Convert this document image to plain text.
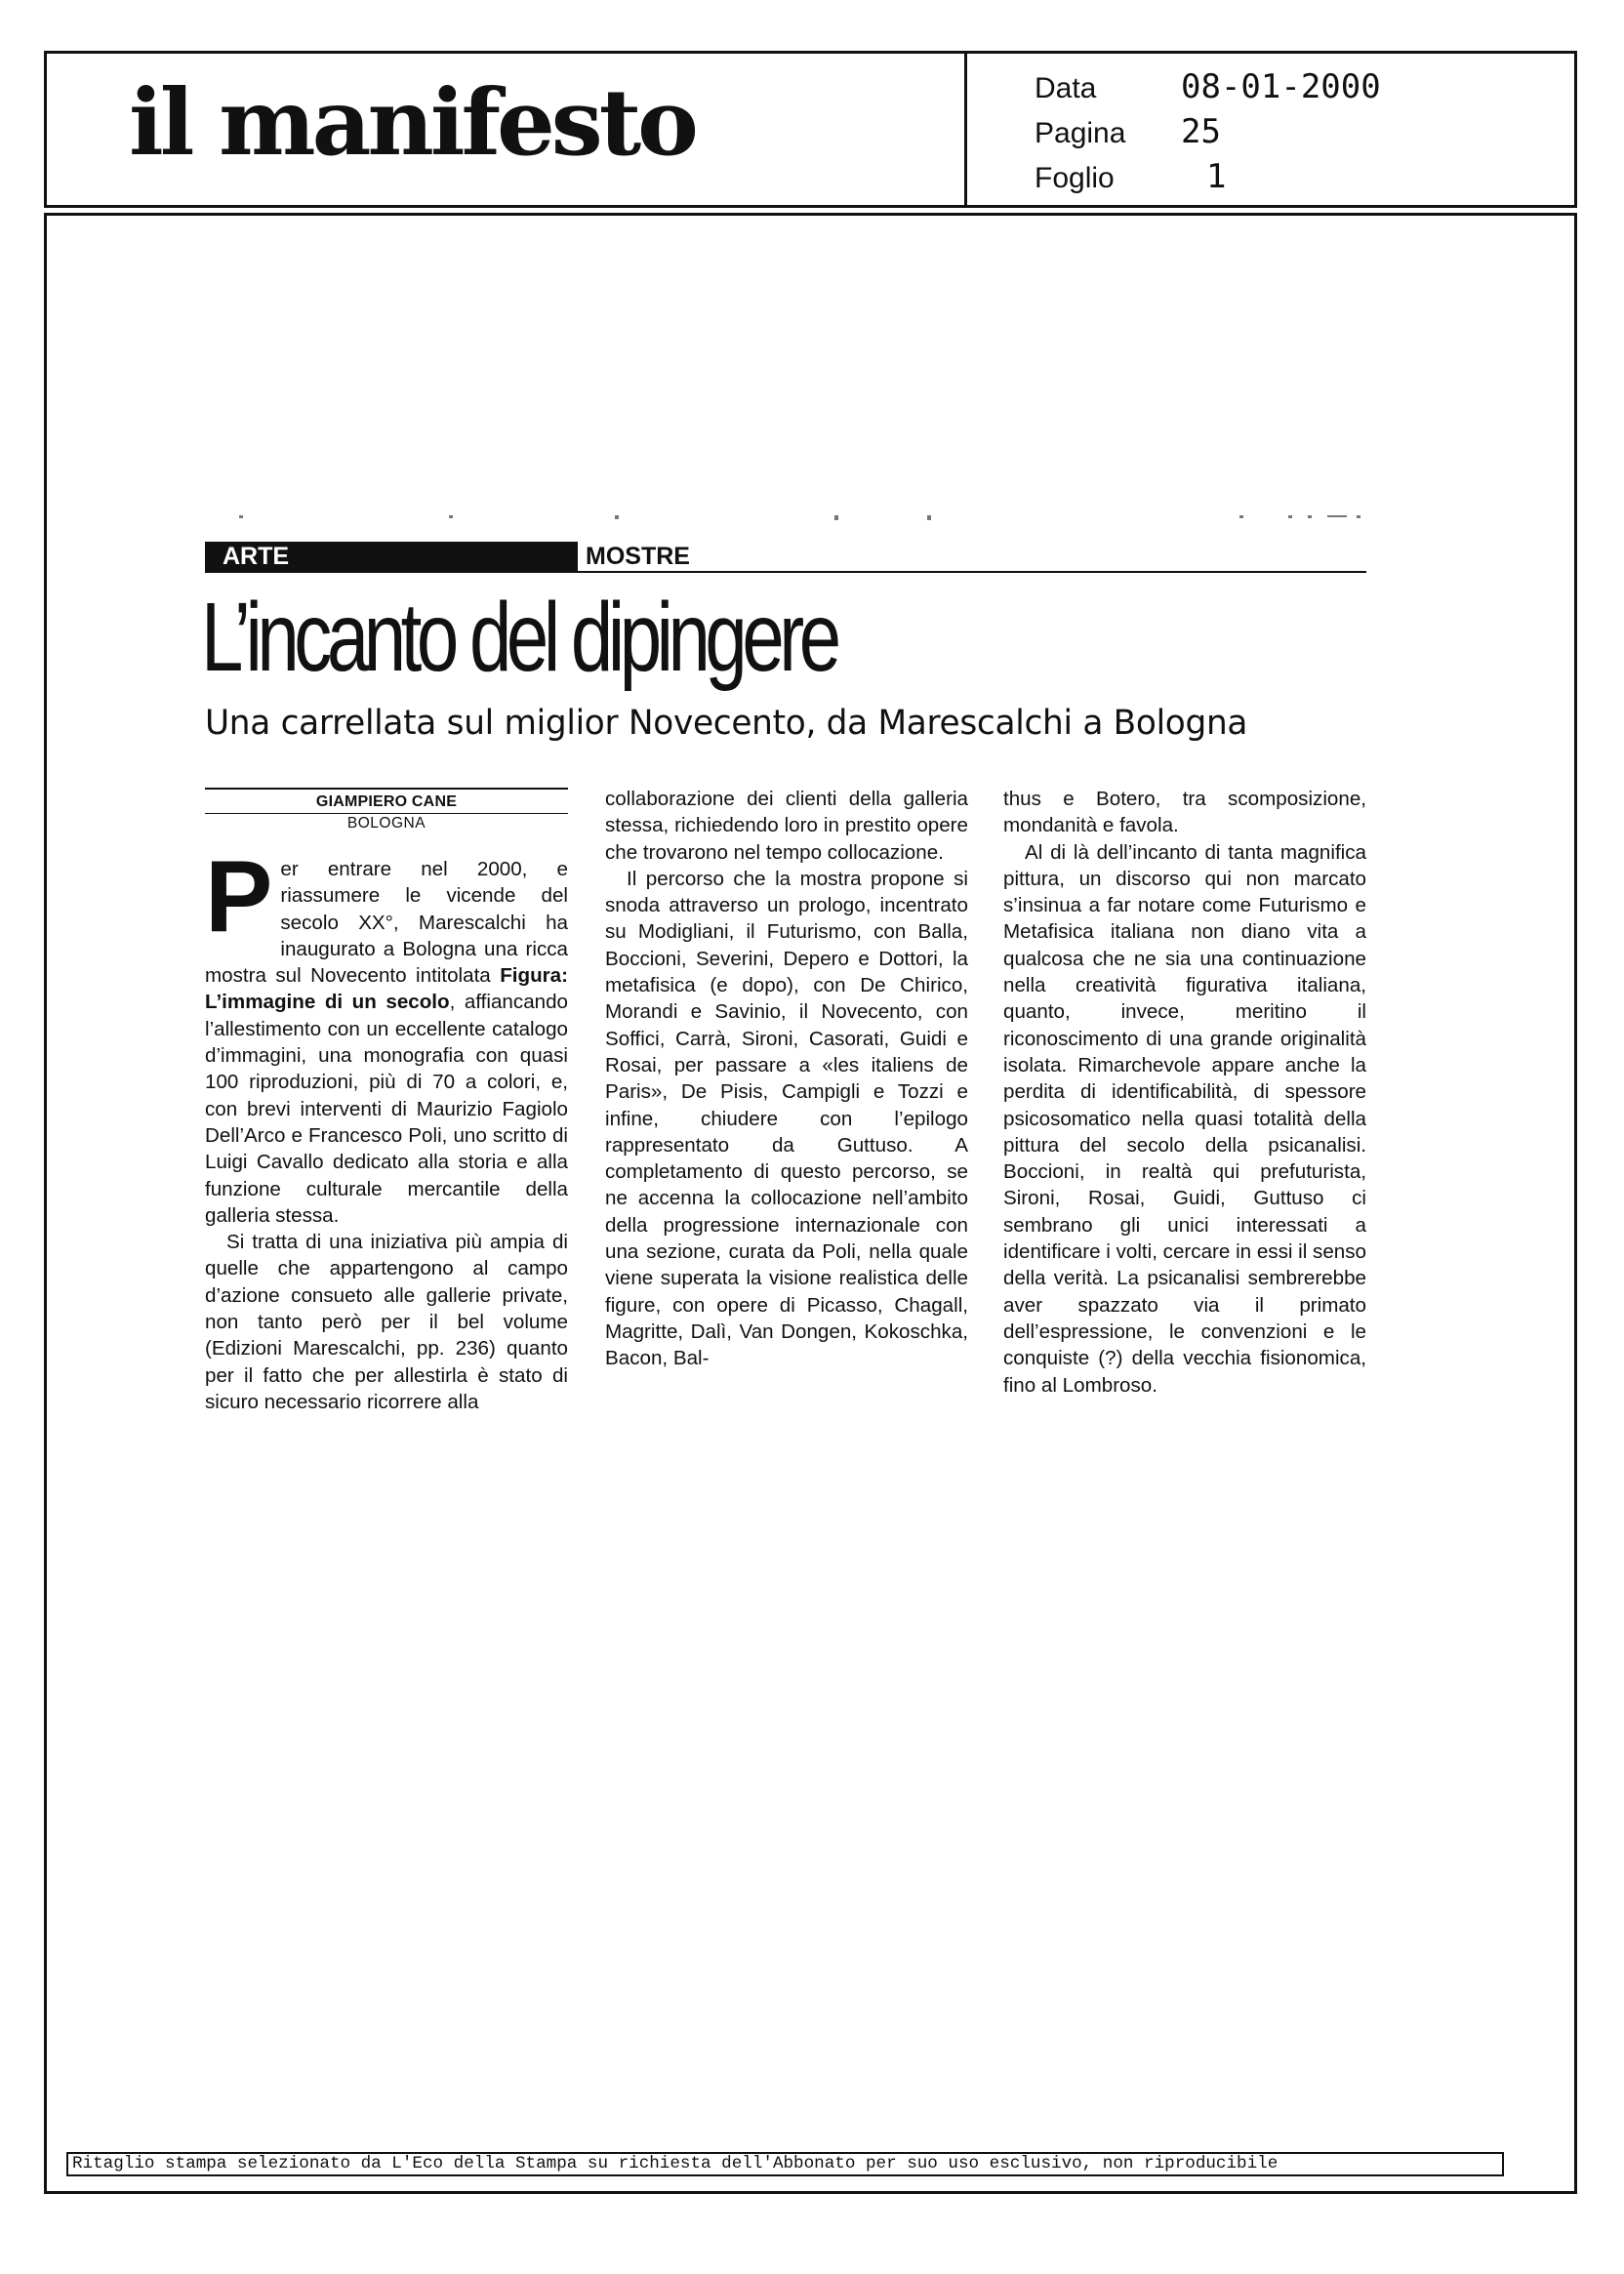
il manifesto	Data	08-01-2000
Pagina	25
Foglio	1
ARTE	MOSTRE
L’incanto del dipingere
Una carrellata sul miglior Novecento, da Marescalchi a Bologna
GIAMPIERO CANE
BOLOGNA

Per entrare nel 2000, e riassumere le vicende del secolo XX°, Marescalchi ha inaugurato a Bologna una ricca mostra sul Novecento intitolata Figura: L’immagine di un secolo, affiancando l’allestimento con un eccellente catalogo d’immagini, una monografia con quasi 100 riproduzioni, più di 70 a colori, e, con brevi interventi di Maurizio Fagiolo Dell’Arco e Francesco Poli, uno scritto di Luigi Cavallo dedicato alla storia e alla funzione culturale mercantile della galleria stessa.

Si tratta di una iniziativa più ampia di quelle che appartengono al campo d’azione consueto alle gallerie private, non tanto però per il bel volume (Edizioni Marescalchi, pp. 236) quanto per il fatto che per allestirla è stato di sicuro necessario ricorrere alla

collaborazione dei clienti della galleria stessa, richiedendo loro in prestito opere che trovarono nel tempo collocazione.

Il percorso che la mostra propone si snoda attraverso un prologo, incentrato su Modigliani, il Futurismo, con Balla, Boccioni, Severini, Depero e Dottori, la metafisica (e dopo), con De Chirico, Morandi e Savinio, il Novecento, con Soffici, Carrà, Sironi, Casorati, Guidi e Rosai, per passare a «les italiens de Paris», De Pisis, Campigli e Tozzi e infine, chiudere con l’epilogo rappresentato da Guttuso. A completamento di questo percorso, se ne accenna la collocazione nell’ambito della progressione internazionale con una sezione, curata da Poli, nella quale viene superata la visione realistica delle figure, con opere di Picasso, Chagall, Magritte, Dalì, Van Dongen, Kokoschka, Bacon, Bal-

thus e Botero, tra scomposizione, mondanità e favola.

Al di là dell’incanto di tanta magnifica pittura, un discorso qui non marcato s’insinua a far notare come Futurismo e Metafisica italiana non diano vita a qualcosa che ne sia una continuazione nella creatività figurativa italiana, quanto, invece, meritino il riconoscimento di una grande originalità isolata. Rimarchevole appare anche la perdita di identificabilità, di spessore psicosomatico nella quasi totalità della pittura del secolo della psicanalisi. Boccioni, in realtà qui prefuturista, Sironi, Rosai, Guidi, Guttuso ci sembrano gli unici interessati a identificare i volti, cercare in essi il senso della verità. La psicanalisi sembrerebbe aver spazzato via il primato dell’espressione, le convenzioni e le conquiste (?) della vecchia fisionomica, fino al Lombroso.

Ritaglio stampa selezionato da L'Eco della Stampa su richiesta dell'Abbonato per suo uso esclusivo, non riproducibile
